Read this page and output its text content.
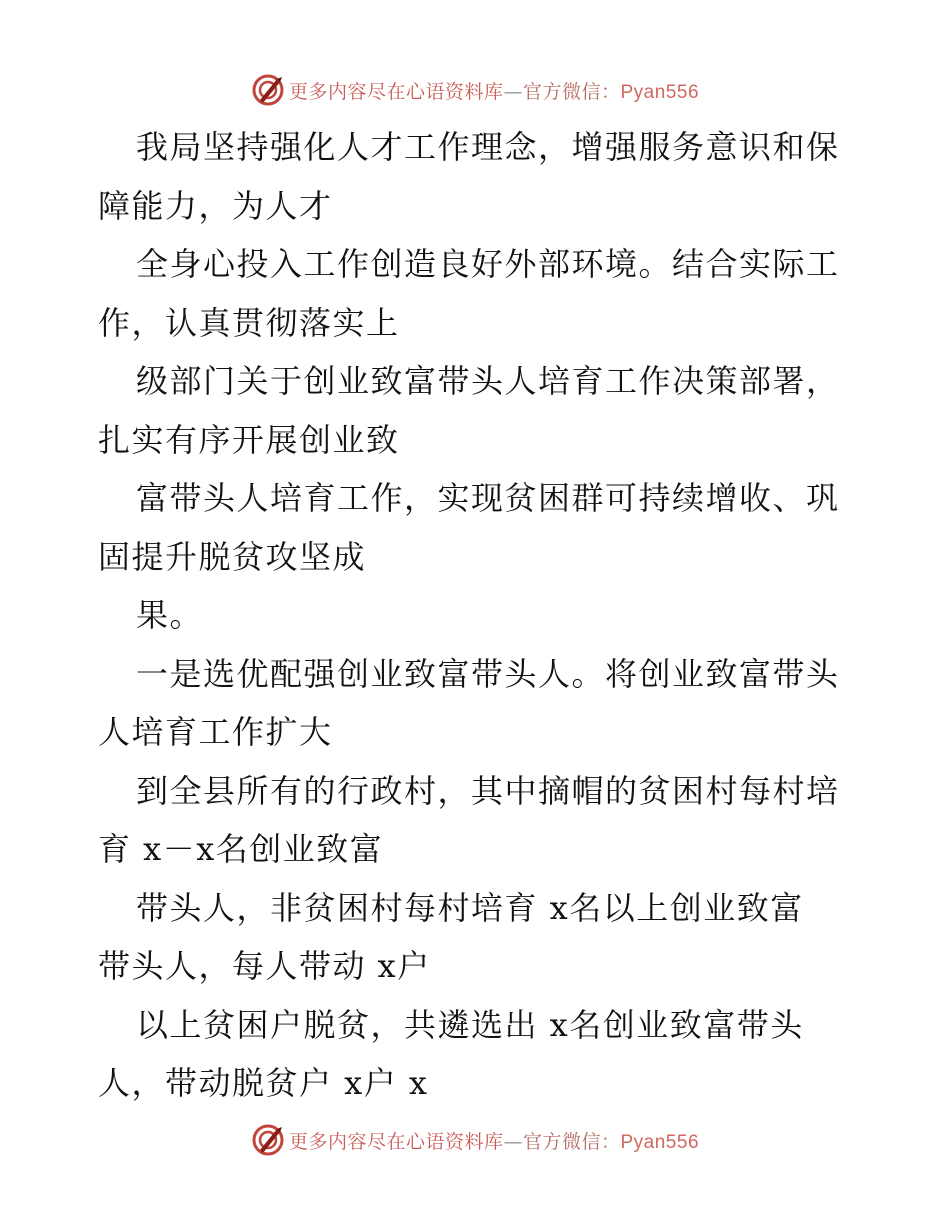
更多内容尽在心语资料库—官方微信：Pyan556
我局坚持强化人才工作理念，增强服务意识和保
障能力，为人才
全身心投入工作创造良好外部环境。结合实际工
作，认真贯彻落实上
级部门关于创业致富带头人培育工作决策部署，
扎实有序开展创业致
富带头人培育工作，实现贫困群可持续增收、巩
固提升脱贫攻坚成
果。
一是选优配强创业致富带头人。将创业致富带头
人培育工作扩大
到全县所有的行政村，其中摘帽的贫困村每村培
育 x－x名创业致富
带头人，非贫困村每村培育 x名以上创业致富
带头人，每人带动 x户
以上贫困户脱贫，共遴选出 x名创业致富带头
人，带动脱贫户 x户 x
更多内容尽在心语资料库—官方微信：Pyan556
